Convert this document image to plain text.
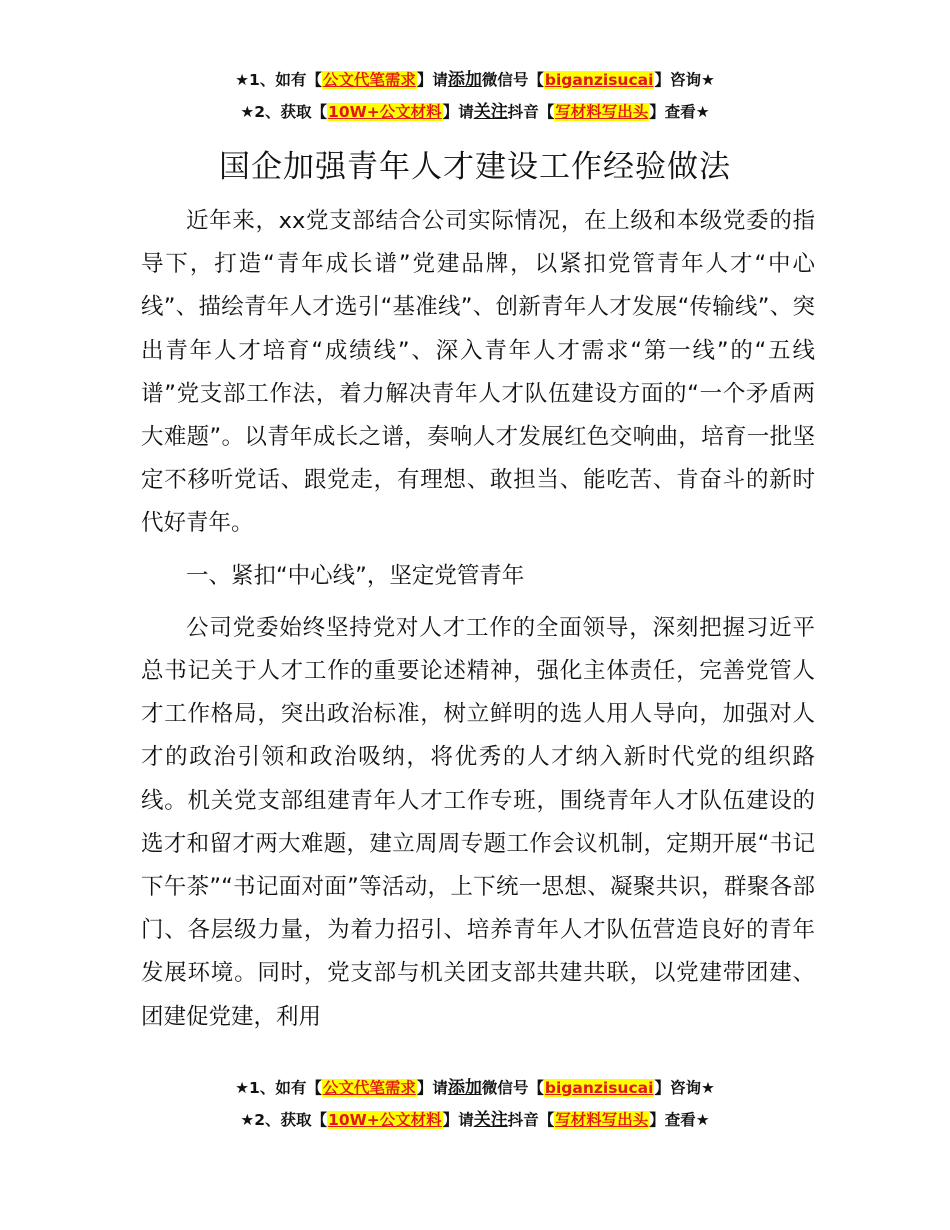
★1、如有【公文代笔需求】请添加微信号【biganzisucai】咨询★
★2、获取【10W+公文材料】请关注抖音【写材料写出头】查看★
国企加强青年人才建设工作经验做法

近年来，xx党支部结合公司实际情况，在上级和本级党委的指导下，打造“青年成长谱”党建品牌，以紧扣党管青年人才“中心线”、描绘青年人才选引“基准线”、创新青年人才发展“传输线”、突出青年人才培育“成绩线”、深入青年人才需求“第一线”的“五线谱”党支部工作法，着力解决青年人才队伍建设方面的“一个矛盾两大难题”。以青年成长之谱，奏响人才发展红色交响曲，培育一批坚定不移听党话、跟党走，有理想、敢担当、能吃苦、肯奋斗的新时代好青年。

一、紧扣“中心线”，坚定党管青年

公司党委始终坚持党对人才工作的全面领导，深刻把握习近平总书记关于人才工作的重要论述精神，强化主体责任，完善党管人才工作格局，突出政治标准，树立鲜明的选人用人导向，加强对人才的政治引领和政治吸纳，将优秀的人才纳入新时代党的组织路线。机关党支部组建青年人才工作专班，围绕青年人才队伍建设的选才和留才两大难题，建立周周专题工作会议机制，定期开展“书记下午茶”“书记面对面”等活动，上下统一思想、凝聚共识，群聚各部门、各层级力量，为着力招引、培养青年人才队伍营造良好的青年发展环境。同时，党支部与机关团支部共建共联，以党建带团建、团建促党建，利用

★1、如有【公文代笔需求】请添加微信号【biganzisucai】咨询★
★2、获取【10W+公文材料】请关注抖音【写材料写出头】查看★
